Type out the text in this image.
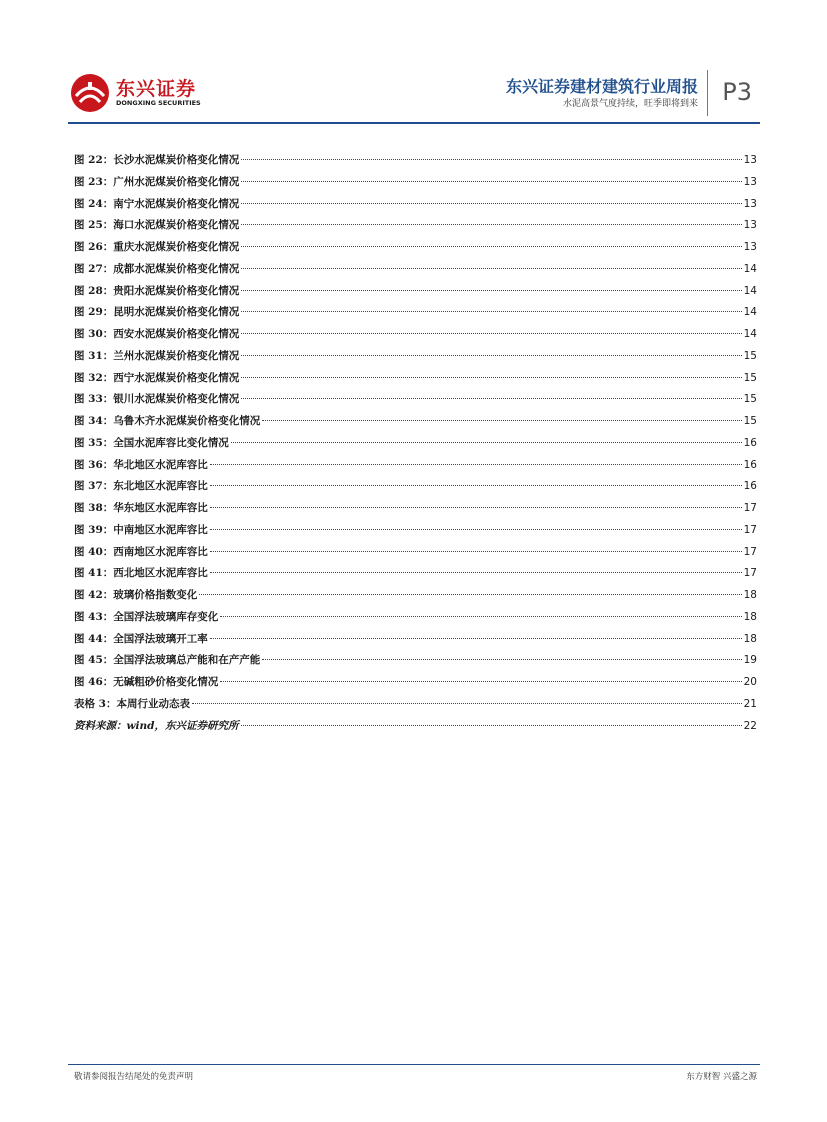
东兴证券
DONGXING SECURITIES
东兴证券建材建筑行业周报
水泥高景气度持续，旺季即将到来 P3
图 22：长沙水泥煤炭价格变化情况	13
图 23：广州水泥煤炭价格变化情况	13
图 24：南宁水泥煤炭价格变化情况	13
图 25：海口水泥煤炭价格变化情况	13
图 26：重庆水泥煤炭价格变化情况	13
图 27：成都水泥煤炭价格变化情况	14
图 28：贵阳水泥煤炭价格变化情况	14
图 29：昆明水泥煤炭价格变化情况	14
图 30：西安水泥煤炭价格变化情况	14
图 31：兰州水泥煤炭价格变化情况	15
图 32：西宁水泥煤炭价格变化情况	15
图 33：银川水泥煤炭价格变化情况	15
图 34：乌鲁木齐水泥煤炭价格变化情况	15
图 35：全国水泥库容比变化情况	16
图 36：华北地区水泥库容比	16
图 37：东北地区水泥库容比	16
图 38：华东地区水泥库容比	17
图 39：中南地区水泥库容比	17
图 40：西南地区水泥库容比	17
图 41：西北地区水泥库容比	17
图 42：玻璃价格指数变化	18
图 43：全国浮法玻璃库存变化	18
图 44：全国浮法玻璃开工率	18
图 45：全国浮法玻璃总产能和在产产能	19
图 46：无碱粗砂价格变化情况	20
表格 3：本周行业动态表	21
资料来源：wind，东兴证券研究所	22
敬请参阅报告结尾处的免责声明	东方财智 兴盛之源
